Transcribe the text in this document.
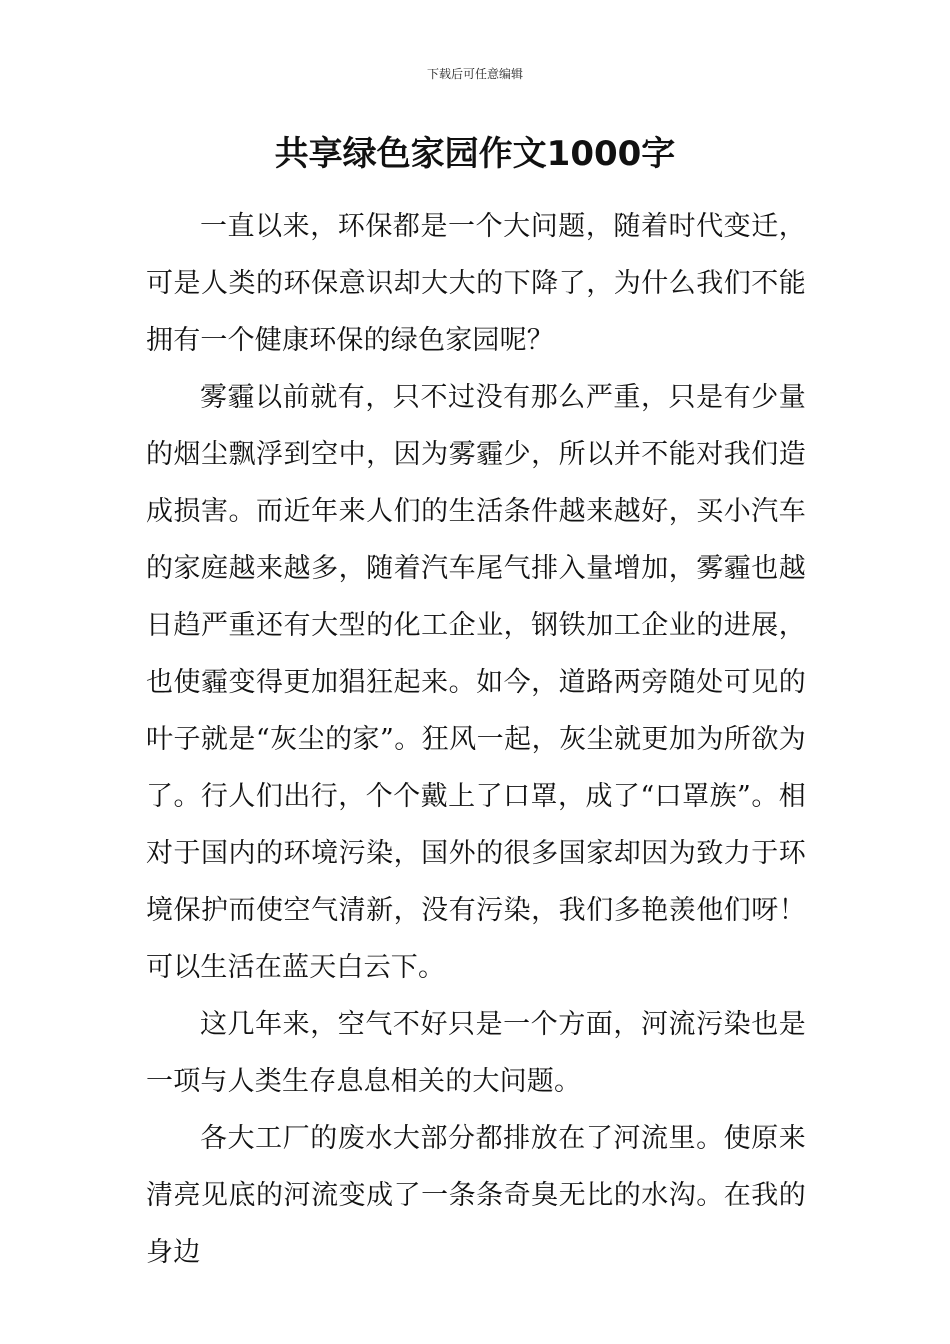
下载后可任意编辑
共享绿色家园作文1000字

一直以来，环保都是一个大问题，随着时代变迁，可是人类的环保意识却大大的下降了，为什么我们不能拥有一个健康环保的绿色家园呢？

雾霾以前就有，只不过没有那么严重，只是有少量的烟尘飘浮到空中，因为雾霾少，所以并不能对我们造成损害。而近年来人们的生活条件越来越好，买小汽车的家庭越来越多，随着汽车尾气排入量增加，雾霾也越日趋严重还有大型的化工企业，钢铁加工企业的进展，也使霾变得更加猖狂起来。如今，道路两旁随处可见的叶子就是“灰尘的家”。狂风一起，灰尘就更加为所欲为了。行人们出行，个个戴上了口罩，成了“口罩族”。相对于国内的环境污染，国外的很多国家却因为致力于环境保护而使空气清新，没有污染，我们多艳羡他们呀！可以生活在蓝天白云下。

这几年来，空气不好只是一个方面，河流污染也是一项与人类生存息息相关的大问题。

各大工厂的废水大部分都排放在了河流里。使原来清亮见底的河流变成了一条条奇臭无比的水沟。在我的身边
